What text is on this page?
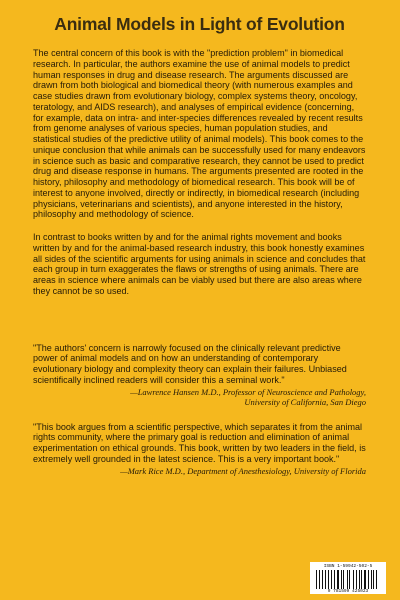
Animal Models in Light of Evolution

The central concern of this book is with the "prediction problem" in biomedical research. In particular, the authors examine the use of animal models to predict human responses in drug and disease research. The arguments discussed are drawn from both biological and biomedical theory (with numerous examples and case studies drawn from evolutionary biology, complex systems theory, oncology, teratology, and AIDS research), and analyses of empirical evidence (concerning, for example, data on intra- and inter-species differences revealed by recent results from genome analyses of various species, human population studies, and statistical studies of the predictive utility of animal models). This book comes to the unique conclusion that while animals can be successfully used for many endeavors in science such as basic and comparative research, they cannot be used to predict drug and disease response in humans. The arguments presented are rooted in the history, philosophy and methodology of biomedical research. This book will be of interest to anyone involved, directly or indirectly, in biomedical research (including physicians, veterinarians and scientists), and anyone interested in the history, philosophy and methodology of science.

In contrast to books written by and for the animal rights movement and books written by and for the animal-based research industry, this book honestly examines all sides of the scientific arguments for using animals in science and concludes that each group in turn exaggerates the flaws or strengths of using animals. There are areas in science where animals can be viably used but there are also areas where they cannot be so used.

"The authors' concern is narrowly focused on the clinically relevant predictive power of animal models and on how an understanding of contemporary evolutionary biology and complexity theory can explain their failures. Unbiased scientifically inclined readers will consider this a seminal work."

—Lawrence Hansen M.D., Professor of Neuroscience and Pathology,
University of California, San Diego

"This book argues from a scientific perspective, which separates it from the animal rights community, where the primary goal is reduction and elimination of animal experimentation on ethical grounds. This book, written by two leaders in the field, is extremely well grounded in the latest science. This is a very important book."

—Mark Rice M.D., Department of Anesthesiology, University of Florida

ISBN 1-59942-502-5

9 781599 425023
